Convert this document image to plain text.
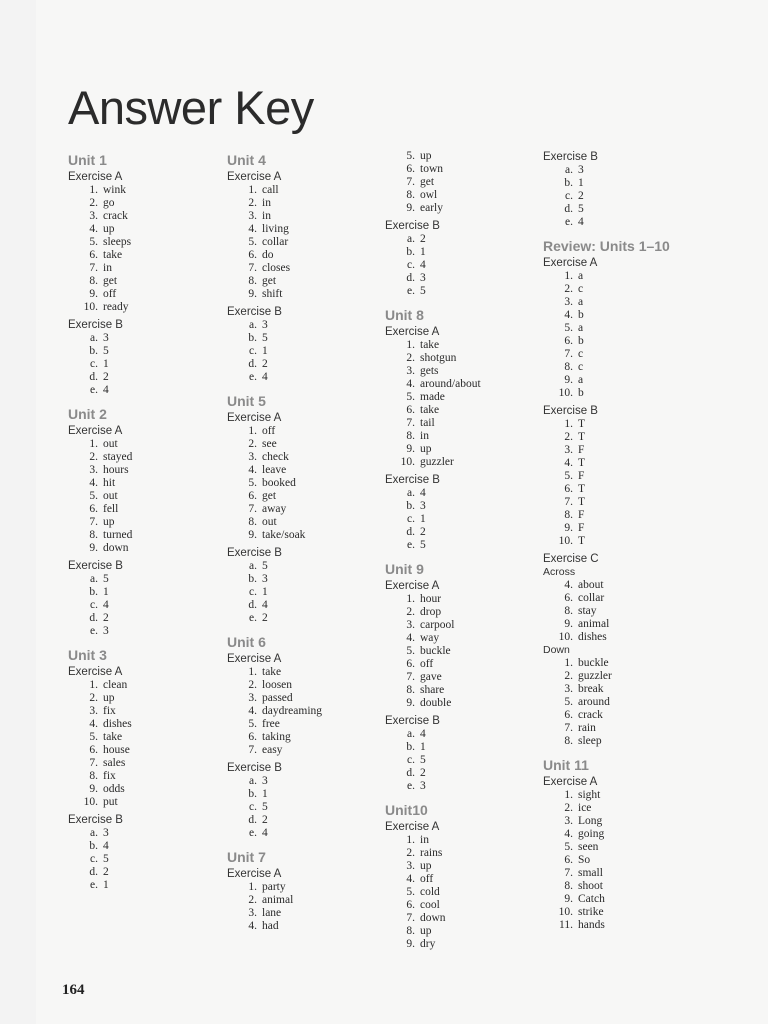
Answer Key
Unit 1
Exercise A
1. wink
2. go
3. crack
4. up
5. sleeps
6. take
7. in
8. get
9. off
10. ready
Exercise B
a. 3
b. 5
c. 1
d. 2
e. 4
Unit 2
Exercise A
1. out
2. stayed
3. hours
4. hit
5. out
6. fell
7. up
8. turned
9. down
Exercise B
a. 5
b. 1
c. 4
d. 2
e. 3
Unit 3
Exercise A
1. clean
2. up
3. fix
4. dishes
5. take
6. house
7. sales
8. fix
9. odds
10. put
Exercise B
a. 3
b. 4
c. 5
d. 2
e. 1
Unit 4
Exercise A
1. call
2. in
3. in
4. living
5. collar
6. do
7. closes
8. get
9. shift
Exercise B
a. 3
b. 5
c. 1
d. 2
e. 4
Unit 5
Exercise A
1. off
2. see
3. check
4. leave
5. booked
6. get
7. away
8. out
9. take/soak
Exercise B
a. 5
b. 3
c. 1
d. 4
e. 2
Unit 6
Exercise A
1. take
2. loosen
3. passed
4. daydreaming
5. free
6. taking
7. easy
Exercise B
a. 3
b. 1
c. 5
d. 2
e. 4
Unit 7
Exercise A
1. party
2. animal
3. lane
4. had
5. up
6. town
7. get
8. owl
9. early
Exercise B
a. 2
b. 1
c. 4
d. 3
e. 5
Unit 8
Exercise A
1. take
2. shotgun
3. gets
4. around/about
5. made
6. take
7. tail
8. in
9. up
10. guzzler
Exercise B
a. 4
b. 3
c. 1
d. 2
e. 5
Unit 9
Exercise A
1. hour
2. drop
3. carpool
4. way
5. buckle
6. off
7. gave
8. share
9. double
Exercise B
a. 4
b. 1
c. 5
d. 2
e. 3
Unit10
Exercise A
1. in
2. rains
3. up
4. off
5. cold
6. cool
7. down
8. up
9. dry
Exercise B
a. 3
b. 1
c. 2
d. 5
e. 4
Review: Units 1–10
Exercise A
1. a
2. c
3. a
4. b
5. a
6. b
7. c
8. c
9. a
10. b
Exercise B
1. T
2. T
3. F
4. T
5. F
6. T
7. T
8. F
9. F
10. T
Exercise C
Across
4. about
6. collar
8. stay
9. animal
10. dishes
Down
1. buckle
2. guzzler
3. break
5. around
6. crack
7. rain
8. sleep
Unit 11
Exercise A
1. sight
2. ice
3. Long
4. going
5. seen
6. So
7. small
8. shoot
9. Catch
10. strike
11. hands
164
